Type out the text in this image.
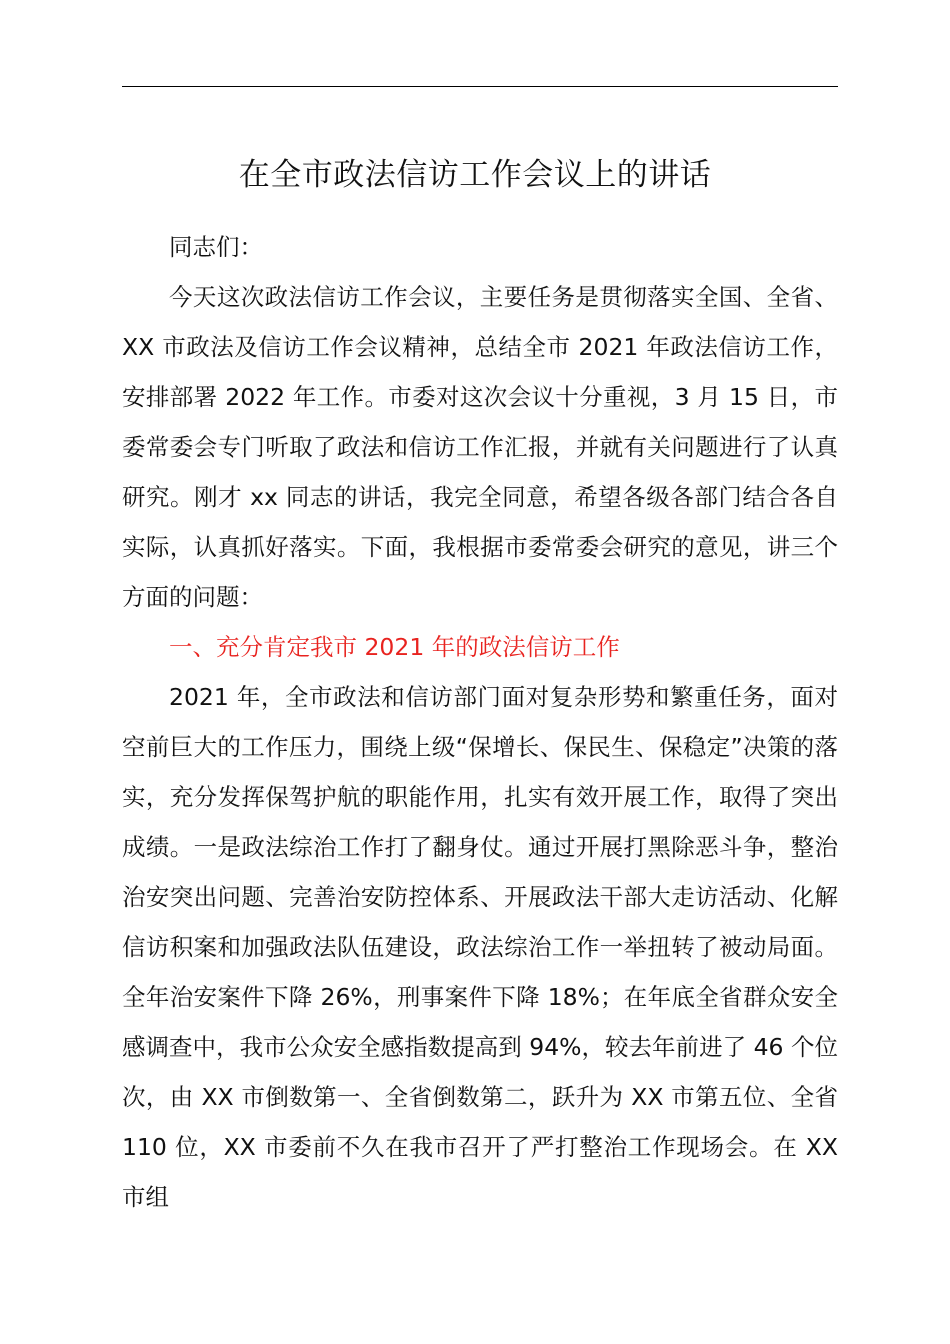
在全市政法信访工作会议上的讲话

同志们：

今天这次政法信访工作会议，主要任务是贯彻落实全国、全省、XX 市政法及信访工作会议精神，总结全市 2021 年政法信访工作，安排部署 2022 年工作。市委对这次会议十分重视，3 月 15 日，市委常委会专门听取了政法和信访工作汇报，并就有关问题进行了认真研究。刚才 xx 同志的讲话，我完全同意，希望各级各部门结合各自实际，认真抓好落实。下面，我根据市委常委会研究的意见，讲三个方面的问题：

一、充分肯定我市 2021 年的政法信访工作

2021 年，全市政法和信访部门面对复杂形势和繁重任务，面对空前巨大的工作压力，围绕上级“保增长、保民生、保稳定”决策的落实，充分发挥保驾护航的职能作用，扎实有效开展工作，取得了突出成绩。一是政法综治工作打了翻身仗。通过开展打黑除恶斗争，整治治安突出问题、完善治安防控体系、开展政法干部大走访活动、化解信访积案和加强政法队伍建设，政法综治工作一举扭转了被动局面。全年治安案件下降 26%，刑事案件下降 18%；在年底全省群众安全感调查中，我市公众安全感指数提高到 94%，较去年前进了 46 个位次，由 XX 市倒数第一、全省倒数第二，跃升为 XX 市第五位、全省 110 位，XX 市委前不久在我市召开了严打整治工作现场会。在 XX 市组
